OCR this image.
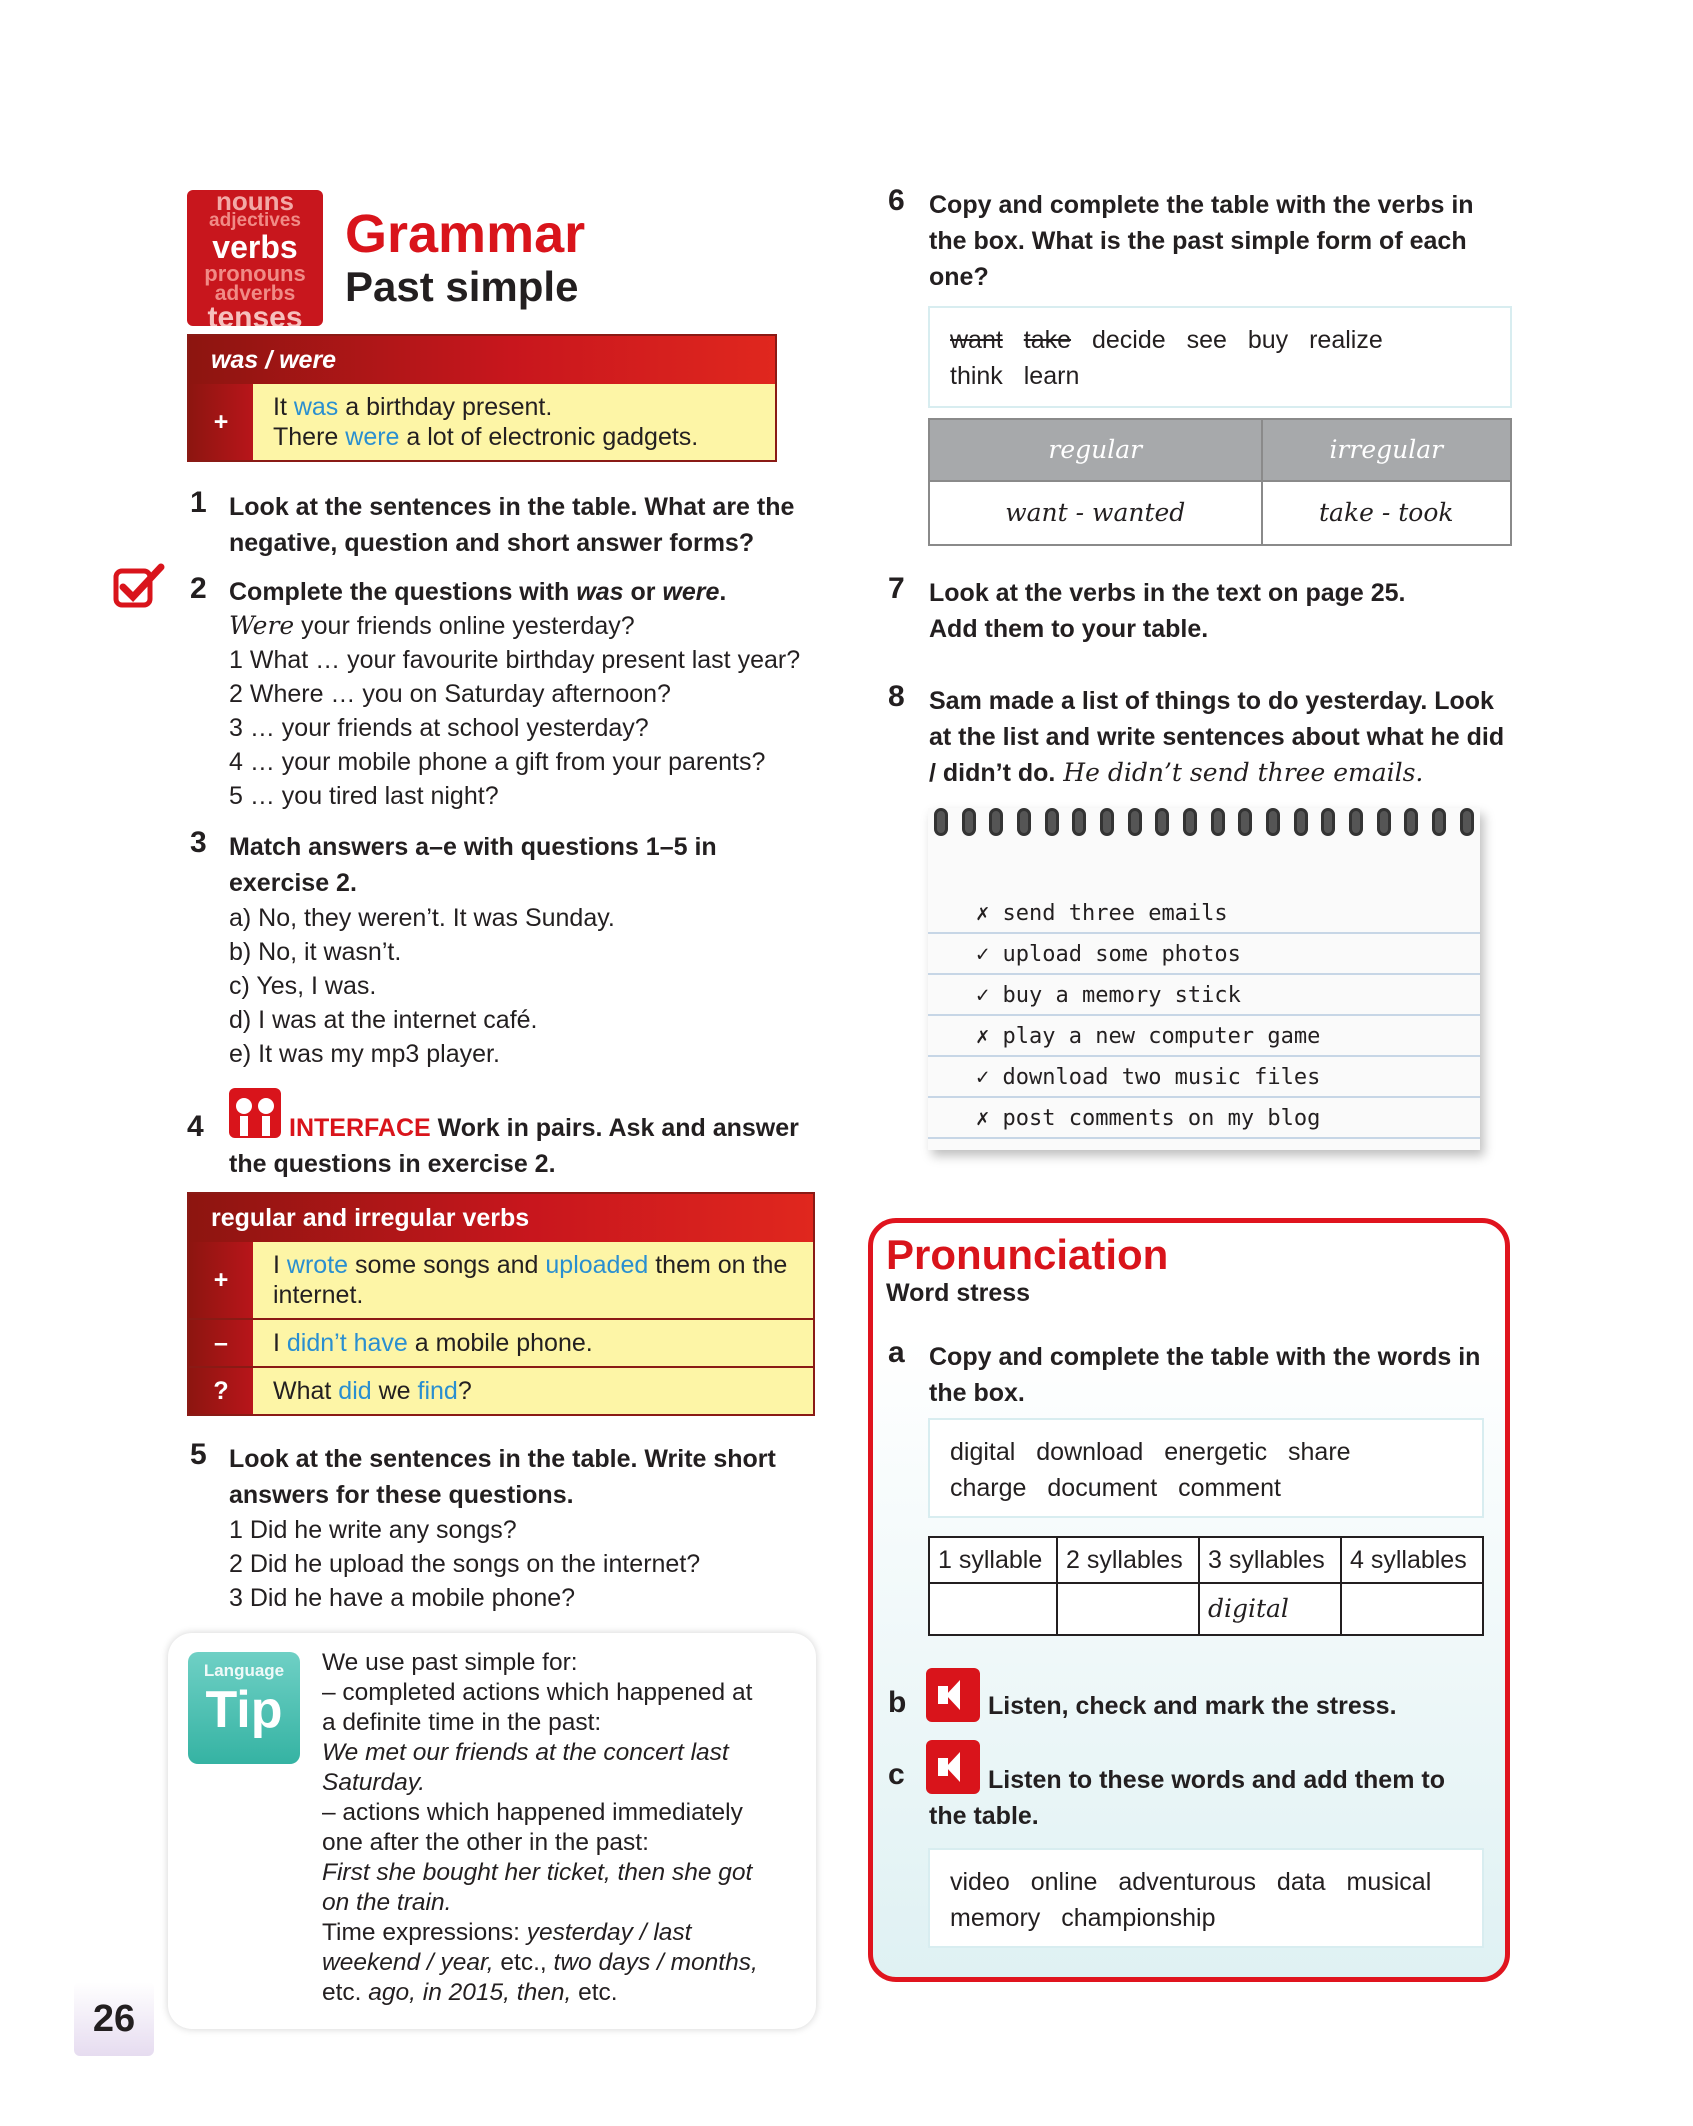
nouns
adjectives
verbs
pronouns
adverbs
tenses
Grammar
Past simple
was / were
+
It was a birthday present.
There were a lot of electronic gadgets.
1 Look at the sentences in the table. What are the negative, question and short answer forms?
2 Complete the questions with was or were.
Were your friends online yesterday?
1 What … your favourite birthday present last year?
2 Where … you on Saturday afternoon?
3 … your friends at school yesterday?
4 … your mobile phone a gift from your parents?
5 … you tired last night?
3 Match answers a–e with questions 1–5 in exercise 2.
a) No, they weren’t. It was Sunday.
b) No, it wasn’t.
c) Yes, I was.
d) I was at the internet café.
e) It was my mp3 player.
4	INTERFACE Work in pairs. Ask and answer the questions in exercise 2.
regular and irregular verbs
+
I wrote some songs and uploaded them on the internet.
–	I didn’t have a mobile phone.
?	What did we find?
5 Look at the sentences in the table. Write short answers for these questions.
1 Did he write any songs?
2 Did he upload the songs on the internet?
3 Did he have a mobile phone?
Language
Tip
We use past simple for:
– completed actions which happened at
a definite time in the past:
We met our friends at the concert last
Saturday.
– actions which happened immediately
one after the other in the past:
First she bought her ticket, then she got
on the train.
Time expressions: yesterday / last
weekend / year, etc., two days / months,
etc. ago, in 2015, then, etc.
26
6 Copy and complete the table with the verbs in the box. What is the past simple form of each one?
want take decide see buy realize
think learn
regular	irregular
want - wanted	take - took
7 Look at the verbs in the text on page 25. Add them to your table.
8 Sam made a list of things to do yesterday. Look at the list and write sentences about what he did / didn’t do. He didn’t send three emails.
✗ send three emails
✓ upload some photos
✓ buy a memory stick
✗ play a new computer game
✓ download two music files
✗ post comments on my blog
Pronunciation
Word stress
a Copy and complete the table with the words in the box.
digital download energetic share
charge document comment
1 syllable	2 syllables	3 syllables	4 syllables
		digital	
b	Listen, check and mark the stress.
c	Listen to these words and add them to the table.
video online adventurous data musical
memory championship
